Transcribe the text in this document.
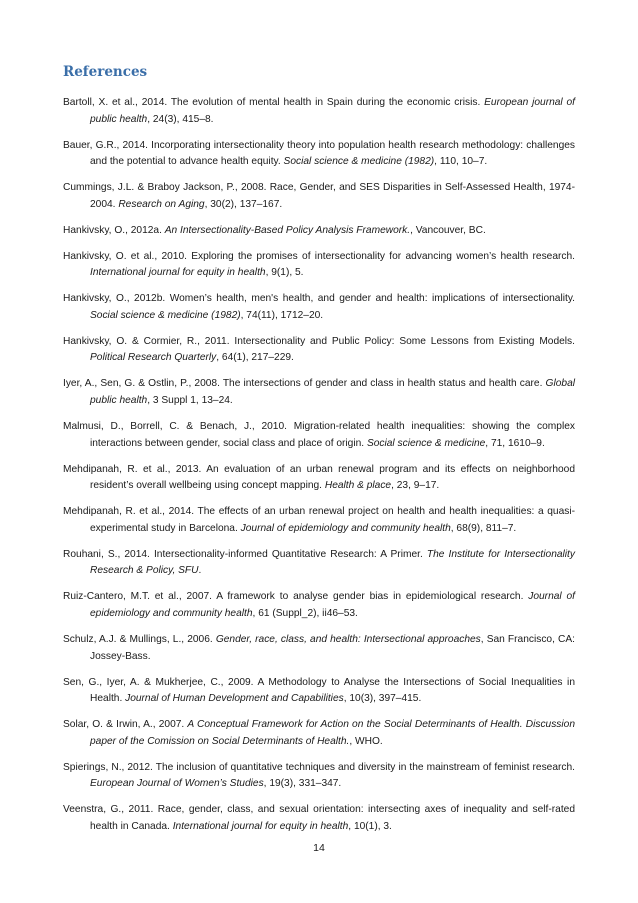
References
Bartoll, X. et al., 2014. The evolution of mental health in Spain during the economic crisis. European journal of public health, 24(3), 415–8.
Bauer, G.R., 2014. Incorporating intersectionality theory into population health research methodology: challenges and the potential to advance health equity. Social science & medicine (1982), 110, 10–7.
Cummings, J.L. & Braboy Jackson, P., 2008. Race, Gender, and SES Disparities in Self-Assessed Health, 1974-2004. Research on Aging, 30(2), 137–167.
Hankivsky, O., 2012a. An Intersectionality-Based Policy Analysis Framework., Vancouver, BC.
Hankivsky, O. et al., 2010. Exploring the promises of intersectionality for advancing women’s health research. International journal for equity in health, 9(1), 5.
Hankivsky, O., 2012b. Women’s health, men's health, and gender and health: implications of intersectionality. Social science & medicine (1982), 74(11), 1712–20.
Hankivsky, O. & Cormier, R., 2011. Intersectionality and Public Policy: Some Lessons from Existing Models. Political Research Quarterly, 64(1), 217–229.
Iyer, A., Sen, G. & Ostlin, P., 2008. The intersections of gender and class in health status and health care. Global public health, 3 Suppl 1, 13–24.
Malmusi, D., Borrell, C. & Benach, J., 2010. Migration-related health inequalities: showing the complex interactions between gender, social class and place of origin. Social science & medicine, 71, 1610–9.
Mehdipanah, R. et al., 2013. An evaluation of an urban renewal program and its effects on neighborhood resident’s overall wellbeing using concept mapping. Health & place, 23, 9–17.
Mehdipanah, R. et al., 2014. The effects of an urban renewal project on health and health inequalities: a quasi-experimental study in Barcelona. Journal of epidemiology and community health, 68(9), 811–7.
Rouhani, S., 2014. Intersectionality-informed Quantitative Research: A Primer. The Institute for Intersectionality Research & Policy, SFU.
Ruiz-Cantero, M.T. et al., 2007. A framework to analyse gender bias in epidemiological research. Journal of epidemiology and community health, 61 (Suppl_2), ii46–53.
Schulz, A.J. & Mullings, L., 2006. Gender, race, class, and health: Intersectional approaches, San Francisco, CA: Jossey-Bass.
Sen, G., Iyer, A. & Mukherjee, C., 2009. A Methodology to Analyse the Intersections of Social Inequalities in Health. Journal of Human Development and Capabilities, 10(3), 397–415.
Solar, O. & Irwin, A., 2007. A Conceptual Framework for Action on the Social Determinants of Health. Discussion paper of the Comission on Social Determinants of Health., WHO.
Spierings, N., 2012. The inclusion of quantitative techniques and diversity in the mainstream of feminist research. European Journal of Women’s Studies, 19(3), 331–347.
Veenstra, G., 2011. Race, gender, class, and sexual orientation: intersecting axes of inequality and self-rated health in Canada. International journal for equity in health, 10(1), 3.

14
